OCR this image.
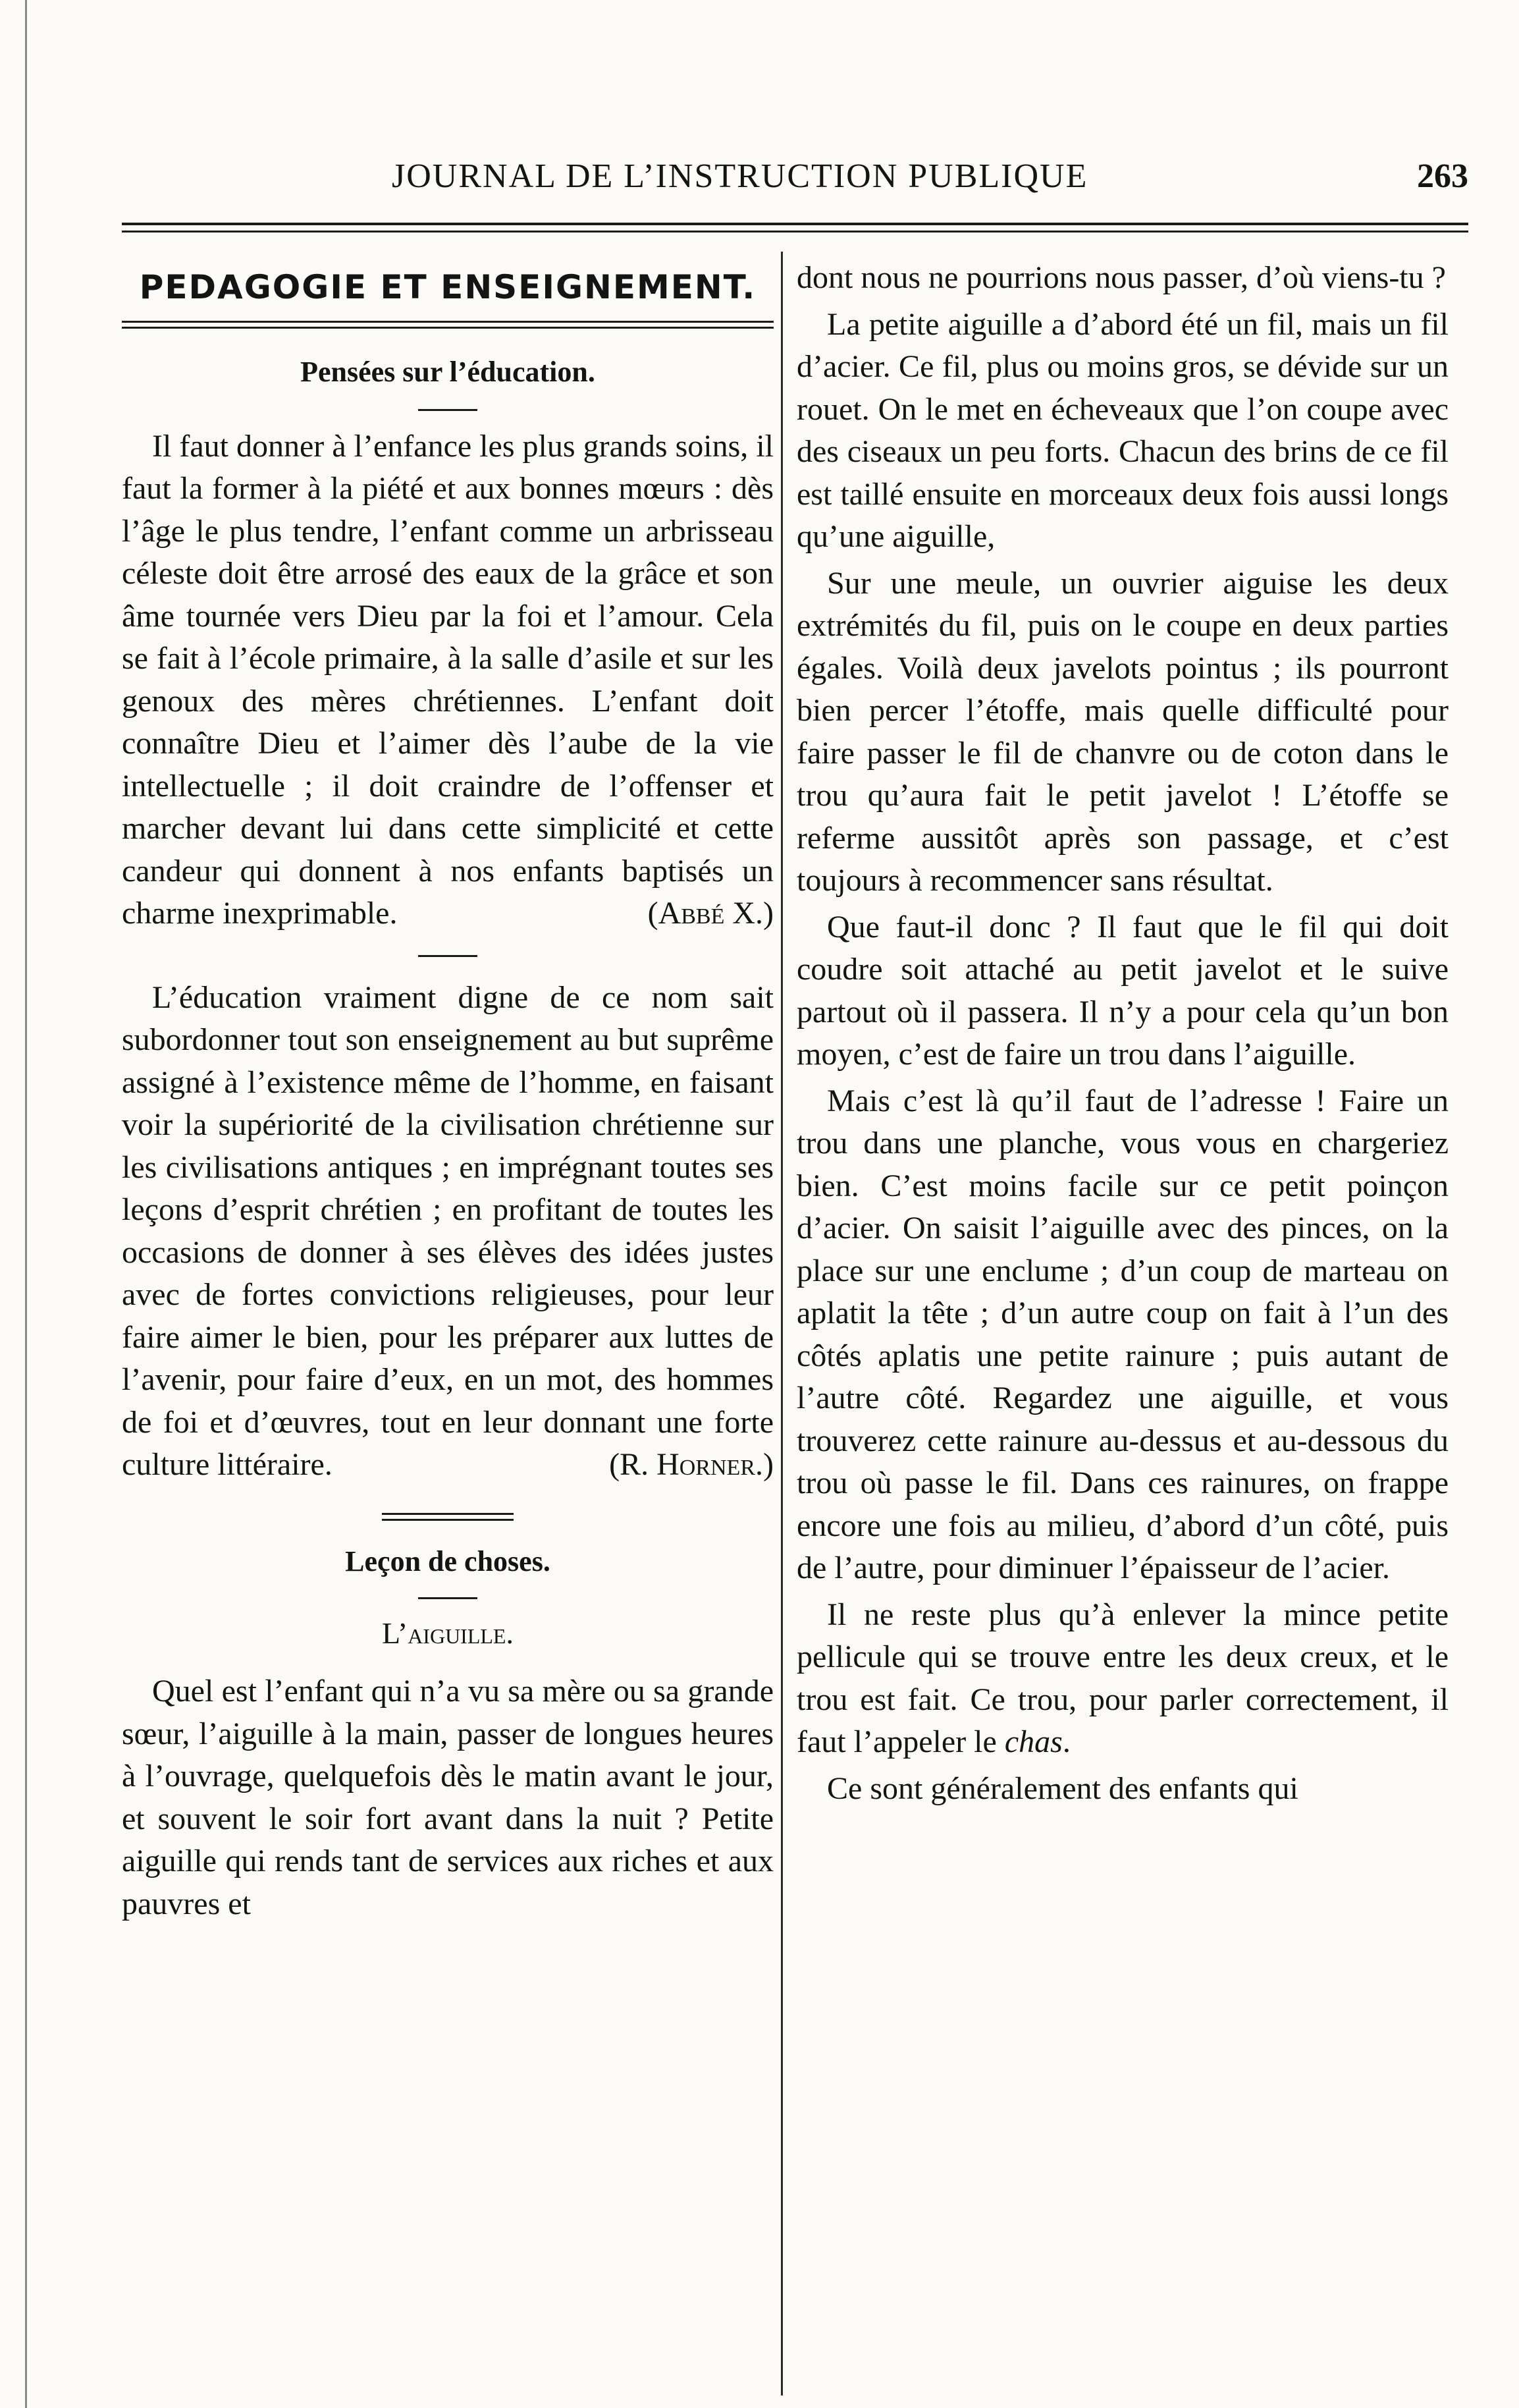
JOURNAL DE L’INSTRUCTION PUBLIQUE	263
PEDAGOGIE ET ENSEIGNEMENT.
Pensées sur l’éducation.

Il faut donner à l’enfance les plus grands soins, il faut la former à la piété et aux bonnes mœurs : dès l’âge le plus tendre, l’enfant comme un arbrisseau céleste doit être arrosé des eaux de la grâce et son âme tournée vers Dieu par la foi et l’amour. Cela se fait à l’école primaire, à la salle d’asile et sur les genoux des mères chrétiennes. L’enfant doit connaître Dieu et l’aimer dès l’aube de la vie intellectuelle ; il doit craindre de l’offenser et marcher devant lui dans cette simplicité et cette candeur qui donnent à nos enfants baptisés un charme inexprimable.	(Abbé X.)

L’éducation vraiment digne de ce nom sait subordonner tout son enseignement au but suprême assigné à l’existence même de l’homme, en faisant voir la supériorité de la civilisation chrétienne sur les civilisations antiques ; en imprégnant toutes ses leçons d’esprit chrétien ; en profitant de toutes les occasions de donner à ses élèves des idées justes avec de fortes convictions religieuses, pour leur faire aimer le bien, pour les préparer aux luttes de l’avenir, pour faire d’eux, en un mot, des hommes de foi et d’œuvres, tout en leur donnant une forte culture littéraire.	(R. Horner.)

Leçon de choses.

L’aiguille.

Quel est l’enfant qui n’a vu sa mère ou sa grande sœur, l’aiguille à la main, passer de longues heures à l’ouvrage, quelquefois dès le matin avant le jour, et souvent le soir fort avant dans la nuit ? Petite aiguille qui rends tant de services aux riches et aux pauvres et

dont nous ne pourrions nous passer, d’où viens-tu ?

La petite aiguille a d’abord été un fil, mais un fil d’acier. Ce fil, plus ou moins gros, se dévide sur un rouet. On le met en écheveaux que l’on coupe avec des ciseaux un peu forts. Chacun des brins de ce fil est taillé ensuite en morceaux deux fois aussi longs qu’une aiguille,

Sur une meule, un ouvrier aiguise les deux extrémités du fil, puis on le coupe en deux parties égales. Voilà deux javelots pointus ; ils pourront bien percer l’étoffe, mais quelle difficulté pour faire passer le fil de chanvre ou de coton dans le trou qu’aura fait le petit javelot ! L’étoffe se referme aussitôt après son passage, et c’est toujours à recommencer sans résultat.

Que faut-il donc ? Il faut que le fil qui doit coudre soit attaché au petit javelot et le suive partout où il passera. Il n’y a pour cela qu’un bon moyen, c’est de faire un trou dans l’aiguille.

Mais c’est là qu’il faut de l’adresse ! Faire un trou dans une planche, vous vous en chargeriez bien. C’est moins facile sur ce petit poinçon d’acier. On saisit l’aiguille avec des pinces, on la place sur une enclume ; d’un coup de marteau on aplatit la tête ; d’un autre coup on fait à l’un des côtés aplatis une petite rainure ; puis autant de l’autre côté. Regardez une aiguille, et vous trouverez cette rainure au-dessus et au-dessous du trou où passe le fil. Dans ces rainures, on frappe encore une fois au milieu, d’abord d’un côté, puis de l’autre, pour diminuer l’épaisseur de l’acier.

Il ne reste plus qu’à enlever la mince petite pellicule qui se trouve entre les deux creux, et le trou est fait. Ce trou, pour parler correctement, il faut l’appeler le chas.

Ce sont généralement des enfants qui
